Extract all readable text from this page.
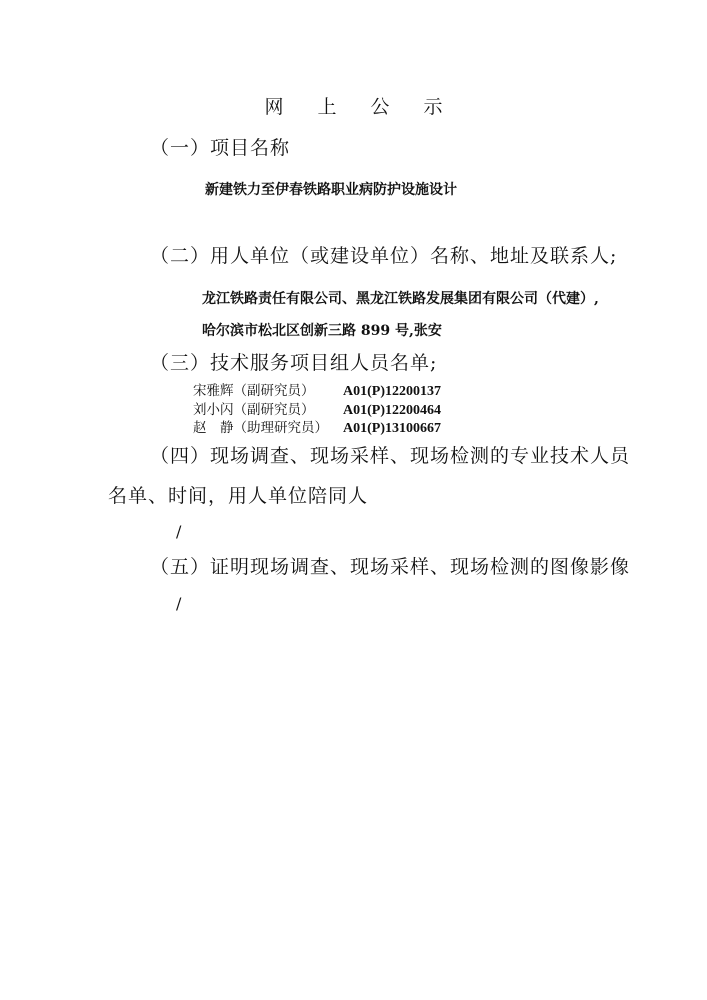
网 上 公 示
（一）项目名称
新建铁力至伊春铁路职业病防护设施设计
（二）用人单位（或建设单位）名称、地址及联系人;
龙江铁路责任有限公司、黑龙江铁路发展集团有限公司（代建）,
哈尔滨市松北区创新三路 899 号,张安
（三）技术服务项目组人员名单;
宋雅辉（副研究员） A01(P)12200137
刘小闪（副研究员） A01(P)12200464
赵　静（助理研究员） A01(P)13100667
（四）现场调查、现场采样、现场检测的专业技术人员
名单、时间，用人单位陪同人
/
（五）证明现场调查、现场采样、现场检测的图像影像
/
